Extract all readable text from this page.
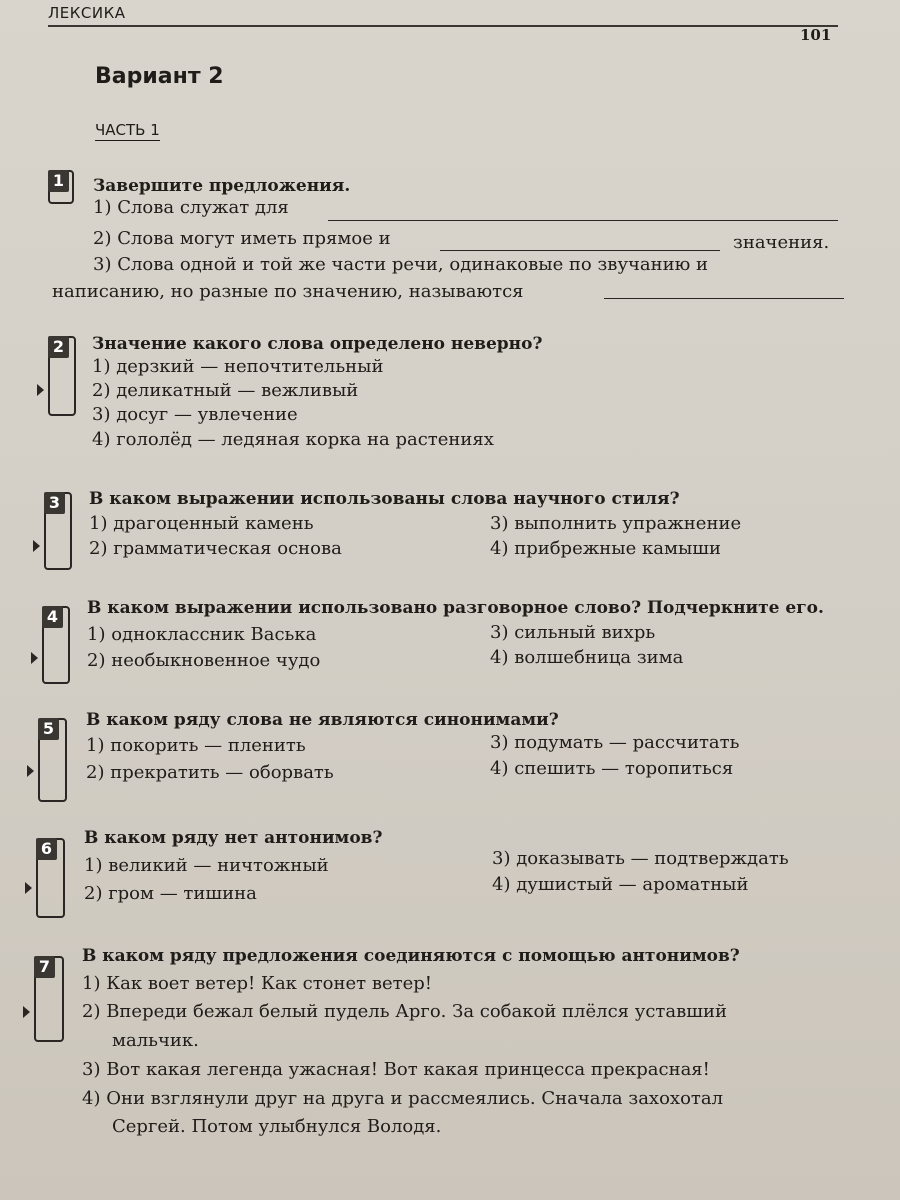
ЛЕКСИКА
101
Вариант 2
ЧАСТЬ 1
1 Завершите предложения.
1) Слова служат для
2) Слова могут иметь прямое и	значения.
3) Слова одной и той же части речи, одинаковые по звучанию и
написанию, но разные по значению, называются
2 Значение какого слова определено неверно?
1) дерзкий — непочтительный
2) деликатный — вежливый
3) досуг — увлечение
4) гололёд — ледяная корка на растениях
3 В каком выражении использованы слова научного стиля?
1) драгоценный камень
2) грамматическая основа
3) выполнить упражнение
4) прибрежные камыши
4 В каком выражении использовано разговорное слово? Подчеркните его.
1) одноклассник Васька
2) необыкновенное чудо
3) сильный вихрь
4) волшебница зима
5 В каком ряду слова не являются синонимами?
1) покорить — пленить
2) прекратить — оборвать
3) подумать — рассчитать
4) спешить — торопиться
6
В каком ряду нет антонимов?
1) великий — ничтожный
2) гром — тишина
3) доказывать — подтверждать
4) душистый — ароматный
7
В каком ряду предложения соединяются с помощью антонимов?
1) Как воет ветер! Как стонет ветер!
2) Впереди бежал белый пудель Арго. За собакой плёлся уставший
мальчик.
3) Вот какая легенда ужасная! Вот какая принцесса прекрасная!
4) Они взглянули друг на друга и рассмеялись. Сначала захохотал
Сергей. Потом улыбнулся Володя.
